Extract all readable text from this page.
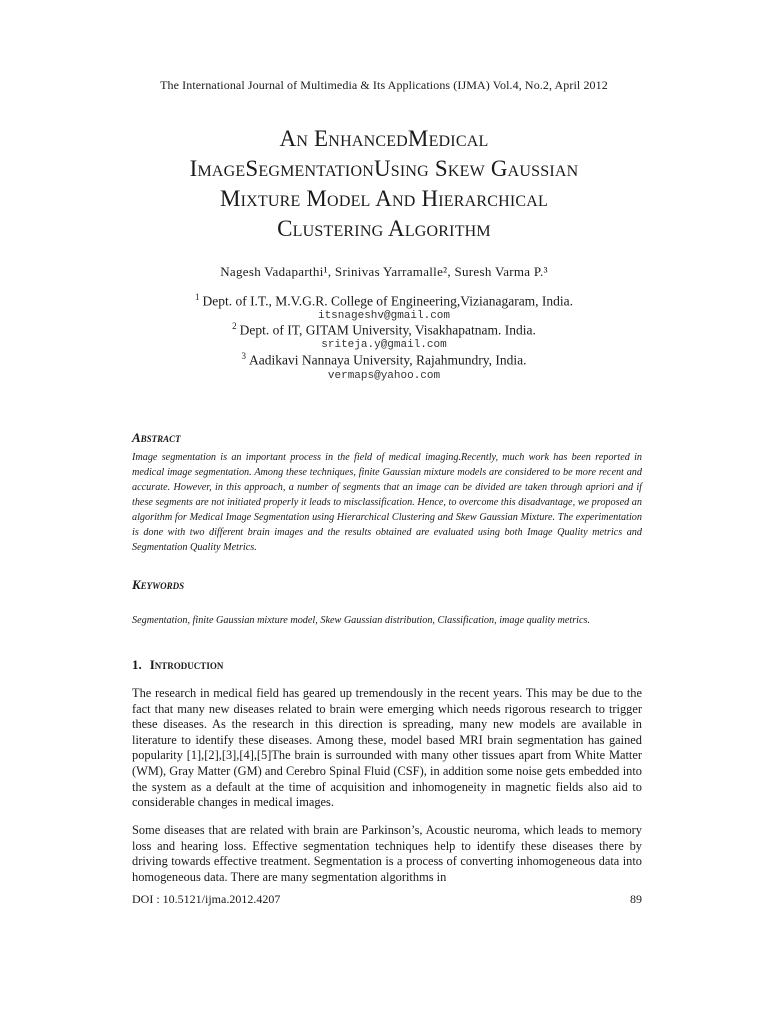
The International Journal of Multimedia & Its Applications (IJMA) Vol.4, No.2, April 2012
An EnhancedMedical
ImageSegmentationUsing Skew Gaussian
Mixture Model And Hierarchical
Clustering Algorithm
Nagesh Vadaparthi¹, Srinivas Yarramalle², Suresh Varma P.³
$^1$ Dept. of I.T., M.V.G.R. College of Engineering,Vizianagaram, India.
itsnageshv@gmail.com
$^2$ Dept. of IT, GITAM University, Visakhapatnam. India.
sriteja.y@gmail.com
$^3$ Aadikavi Nannaya University, Rajahmundry, India.
vermaps@yahoo.com
Abstract
Image segmentation is an important process in the field of medical imaging.Recently, much work has been reported in medical image segmentation. Among these techniques, finite Gaussian mixture models are considered to be more recent and accurate. However, in this approach, a number of segments that an image can be divided are taken through apriori and if these segments are not initiated properly it leads to misclassification. Hence, to overcome this disadvantage, we proposed an algorithm for Medical Image Segmentation using Hierarchical Clustering and Skew Gaussian Mixture. The experimentation is done with two different brain images and the results obtained are evaluated using both Image Quality metrics and Segmentation Quality Metrics.
Keywords
Segmentation, finite Gaussian mixture model, Skew Gaussian distribution, Classification, image quality metrics.
1. Introduction
The research in medical field has geared up tremendously in the recent years. This may be due to the fact that many new diseases related to brain were emerging which needs rigorous research to trigger these diseases. As the research in this direction is spreading, many new models are available in literature to identify these diseases. Among these, model based MRI brain segmentation has gained popularity [1],[2],[3],[4],[5]The brain is surrounded with many other tissues apart from White Matter (WM), Gray Matter (GM) and Cerebro Spinal Fluid (CSF), in addition some noise gets embedded into the system as a default at the time of acquisition and inhomogeneity in magnetic fields also aid to considerable changes in medical images.
Some diseases that are related with brain are Parkinson’s, Acoustic neuroma, which leads to memory loss and hearing loss. Effective segmentation techniques help to identify these diseases there by driving towards effective treatment. Segmentation is a process of converting inhomogeneous data into homogeneous data. There are many segmentation algorithms in
DOI : 10.5121/ijma.2012.4207	89
